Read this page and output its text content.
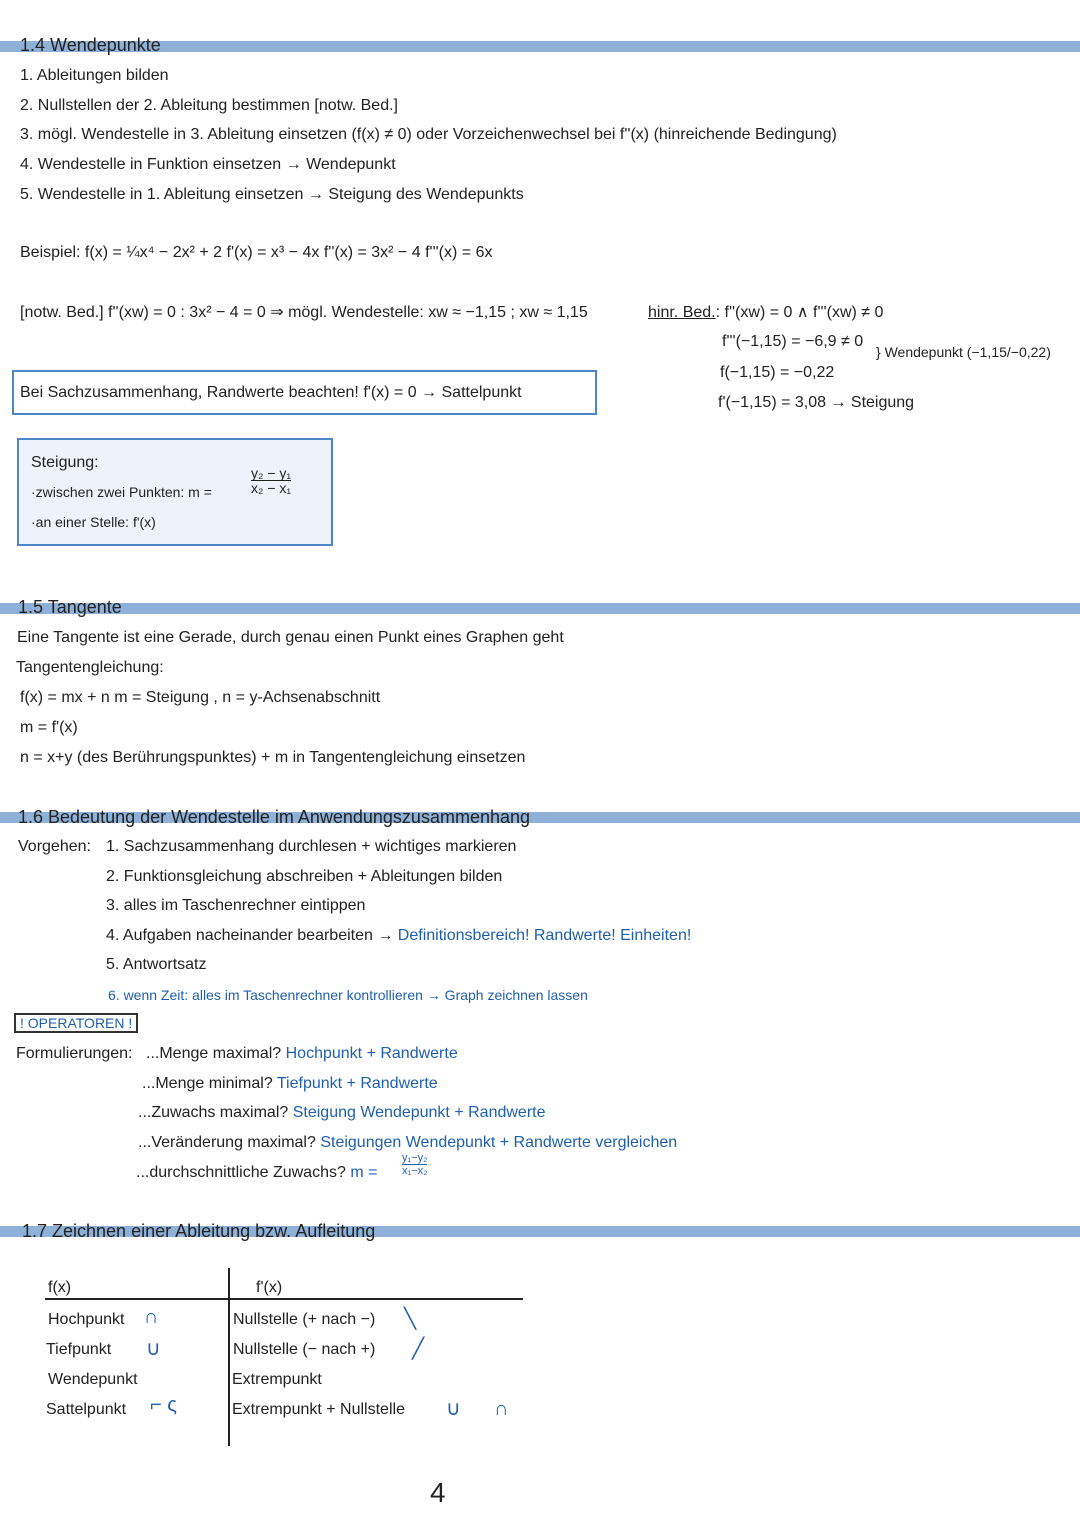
1.4 Wendepunkte
1. Ableitungen bilden
2. Nullstellen der 2. Ableitung bestimmen [notw. Bed.]
3. mögl. Wendestelle in 3. Ableitung einsetzen (f(x) ≠ 0) oder Vorzeichenwechsel bei f''(x) (hinreichende Bedingung)
4. Wendestelle in Funktion einsetzen → Wendepunkt
5. Wendestelle in 1. Ableitung einsetzen → Steigung des Wendepunkts
Beispiel: f(x) = ¼x⁴ − 2x² + 2 f'(x) = x³ − 4x f''(x) = 3x² − 4 f'''(x) = 6x
[notw. Bed.] f''(xw) = 0 : 3x² − 4 = 0 ⇒ mögl. Wendestelle: xw ≈ −1,15 ; xw ≈ 1,15	hinr. Bed.: f''(xw) = 0 ∧ f'''(xw) ≠ 0
f'''(−1,15) = −6,9 ≠ 0
f(−1,15) = −0,22
f'(−1,15) = 3,08 → Steigung
} Wendepunkt (−1,15/−0,22)
Bei Sachzusammenhang, Randwerte beachten! f'(x) = 0 → Sattelpunkt
Steigung:
·zwischen zwei Punkten: m =	$\frac{\text{y₂ − y₁}}{\text{x₂ − x₁}}$
·an einer Stelle: f'(x)
1.5 Tangente
Eine Tangente ist eine Gerade, durch genau einen Punkt eines Graphen geht
Tangentengleichung:
f(x) = mx + n m = Steigung , n = y-Achsenabschnitt
m = f'(x)
n = x+y (des Berührungspunktes) + m in Tangentengleichung einsetzen
1.6 Bedeutung der Wendestelle im Anwendungszusammenhang
Vorgehen: 1. Sachzusammenhang durchlesen + wichtiges markieren
2. Funktionsgleichung abschreiben + Ableitungen bilden
3. alles im Taschenrechner eintippen
4. Aufgaben nacheinander bearbeiten → Definitionsbereich! Randwerte! Einheiten!
5. Antwortsatz
6. wenn Zeit: alles im Taschenrechner kontrollieren → Graph zeichnen lassen
! OPERATOREN !
Formulierungen: ...Menge maximal? Hochpunkt + Randwerte
...Menge minimal? Tiefpunkt + Randwerte
...Zuwachs maximal? Steigung Wendepunkt + Randwerte
...Veränderung maximal? Steigungen Wendepunkt + Randwerte vergleichen
...durchschnittliche Zuwachs? $m = \frac{\text{y₁−y₂}}{\text{x₁−x₂}}$
1.7 Zeichnen einer Ableitung bzw. Aufleitung
f(x)	f'(x)
Hochpunkt ∩	Nullstelle (+ nach −) ╲
Tiefpunkt ∪	Nullstelle (− nach +) ╱
Wendepunkt	Extrempunkt
Sattelpunkt ⌐ ς	Extrempunkt + Nullstelle ∪ ∩
4
